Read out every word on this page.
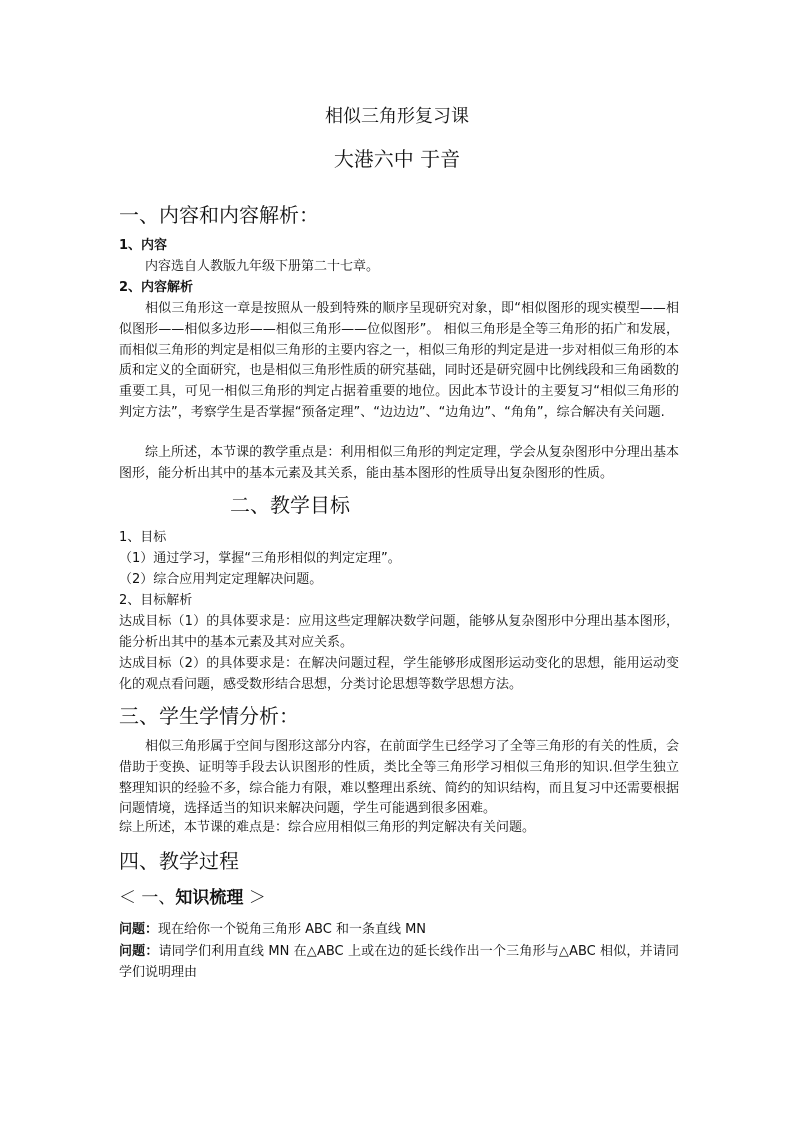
相似三角形复习课
大港六中 于音
一、内容和内容解析：
1、内容
内容选自人教版九年级下册第二十七章。
2、内容解析
相似三角形这一章是按照从一般到特殊的顺序呈现研究对象，即“相似图形的现实模型——相似图形——相似多边形——相似三角形——位似图形”。 相似三角形是全等三角形的拓广和发展，而相似三角形的判定是相似三角形的主要内容之一，相似三角形的判定是进一步对相似三角形的本质和定义的全面研究，也是相似三角形性质的研究基础，同时还是研究圆中比例线段和三角函数的重要工具，可见一相似三角形的判定占据着重要的地位。因此本节设计的主要复习“相似三角形的判定方法”，考察学生是否掌握“预备定理”、“边边边”、“边角边”、“角角”，综合解决有关问题.
综上所述，本节课的教学重点是：利用相似三角形的判定定理，学会从复杂图形中分理出基本图形，能分析出其中的基本元素及其关系，能由基本图形的性质导出复杂图形的性质。
二、教学目标
1、目标
（1）通过学习，掌握“三角形相似的判定定理”。
（2）综合应用判定定理解决问题。
2、目标解析
达成目标（1）的具体要求是：应用这些定理解决数学问题，能够从复杂图形中分理出基本图形，能分析出其中的基本元素及其对应关系。
达成目标（2）的具体要求是：在解决问题过程，学生能够形成图形运动变化的思想，能用运动变化的观点看问题，感受数形结合思想，分类讨论思想等数学思想方法。
三、学生学情分析：
相似三角形属于空间与图形这部分内容，在前面学生已经学习了全等三角形的有关的性质，会借助于变换、证明等手段去认识图形的性质，类比全等三角形学习相似三角形的知识.但学生独立整理知识的经验不多，综合能力有限，难以整理出系统、简约的知识结构，而且复习中还需要根据问题情境，选择适当的知识来解决问题，学生可能遇到很多困难。
综上所述，本节课的难点是：综合应用相似三角形的判定解决有关问题。
四、教学过程
＜ 一、知识梳理 ＞
问题：现在给你一个锐角三角形 ABC 和一条直线 MN
问题：请同学们利用直线 MN 在△ABC 上或在边的延长线作出一个三角形与△ABC 相似，并请同学们说明理由
